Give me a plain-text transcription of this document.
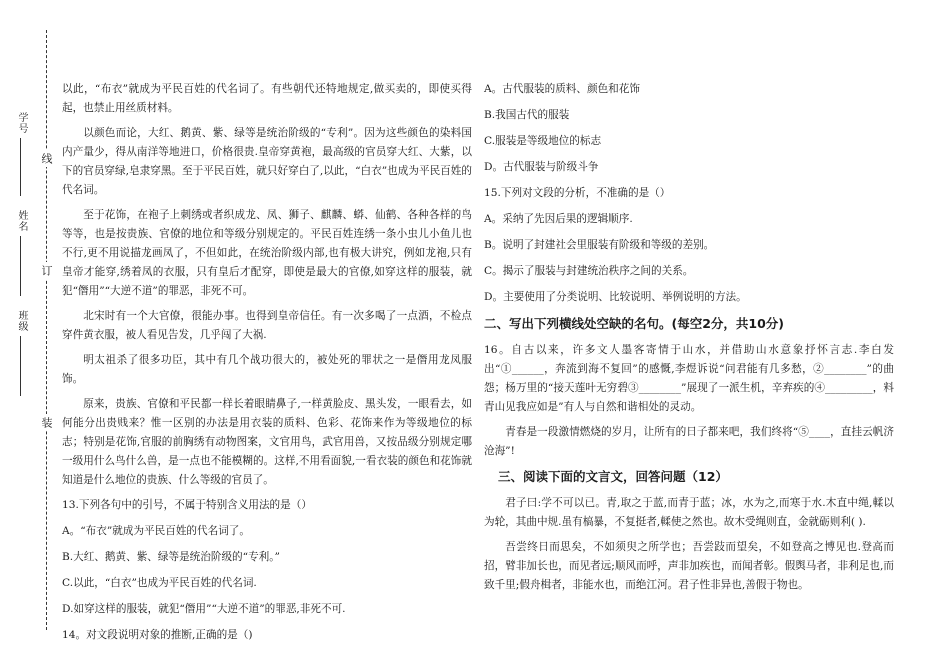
学号
姓名
班级
线
订
装

以此，“布衣”就成为平民百姓的代名词了。有些朝代还特地规定,做买卖的，即使买得起，也禁止用丝质材料。

以颜色而论，大红、鹅黄、紫、绿等是统治阶级的“专利”。因为这些颜色的染料国内产量少，得从南洋等地进口，价格很贵.皇帝穿黄袍，最高级的官员穿大红、大紫，以下的官员穿绿,皂隶穿黑。至于平民百姓，就只好穿白了,以此，“白衣”也成为平民百姓的代名词。

至于花饰，在袍子上刺绣或者织成龙、凤、狮子、麒麟、蟒、仙鹤、各种各样的鸟等等，也是按贵族、官僚的地位和等级分别规定的。平民百姓连绣一条小虫儿小鱼儿也不行,更不用说描龙画凤了，不但如此，在统治阶级内部,也有极大讲究，例如龙袍,只有皇帝才能穿,绣着凤的衣服，只有皇后才配穿，即使是最大的官僚,如穿这样的服装，就犯“僭用”“大逆不道”的罪恶，非死不可。

北宋时有一个大官僚，很能办事。也得到皇帝信任。有一次多喝了一点酒，不检点穿件黄衣服，被人看见告发，几乎闯了大祸.

明太祖杀了很多功臣，其中有几个战功很大的，被处死的罪状之一是僭用龙凤服饰。

原来，贵族、官僚和平民都一样长着眼睛鼻子,一样黄脸皮、黑头发，一眼看去，如何能分出贵贱来？惟一区别的办法是用衣装的质料、色彩、花饰来作为等级地位的标志；特别是花饰,官服的前胸绣有动物图案，文官用鸟，武官用兽，又按品级分别规定哪一级用什么鸟什么兽，是一点也不能模糊的。这样,不用看面貌,一看衣装的颜色和花饰就知道是什么地位的贵族、什么等级的官员了。

13.下列各句中的引号，不属于特别含义用法的是（）

A。“布衣”就成为平民百姓的代名词了。

B.大红、鹅黄、紫、绿等是统治阶级的“专利。”

C.以此，“白衣”也成为平民百姓的代名词.

D.如穿这样的服装，就犯“僭用”“大逆不道”的罪恶,非死不可.

14。对文段说明对象的推断,正确的是（)

A。古代服装的质料、颜色和花饰

B.我国古代的服装

C.服装是等级地位的标志

D。古代服装与阶级斗争

15.下列对文段的分析，不准确的是（）

A。采纳了先因后果的逻辑顺序.

B。说明了封建社会里服装有阶级和等级的差别。

C。揭示了服装与封建统治秩序之间的关系。

D。主要使用了分类说明、比较说明、举例说明的方法。

二、写出下列横线处空缺的名句。(每空2分，共10分)

16。自古以来，许多文人墨客寄情于山水，并借助山水意象抒怀言志.李白发出“①______，奔流到海不复回”的感慨,李煜诉说“问君能有几多愁，②________”的曲怨；杨万里的“接天莲叶无穷碧③________”展现了一派生机，辛弃疾的④_________，料青山见我应如是”有人与自然和谐相处的灵动。

青春是一段激情燃烧的岁月，让所有的日子都来吧，我们终将“⑤____，直挂云帆济沧海”!

三、阅读下面的文言文，回答问题（12）

君子曰:学不可以已。青,取之于蓝,而青于蓝；冰，水为之,而寒于水.木直中绳,輮以为轮，其曲中规.虽有槁暴，不复挺者,輮使之然也。故木受绳则直，金就砺则利( ).

吾尝终日而思矣，不如须臾之所学也；吾尝跂而望矣，不如登高之博见也.登高而招，臂非加长也，而见者远;顺风而呼，声非加疾也，而闻者彰。假舆马者，非利足也,而致千里;假舟楫者，非能水也，而绝江河。君子性非异也,善假于物也。
